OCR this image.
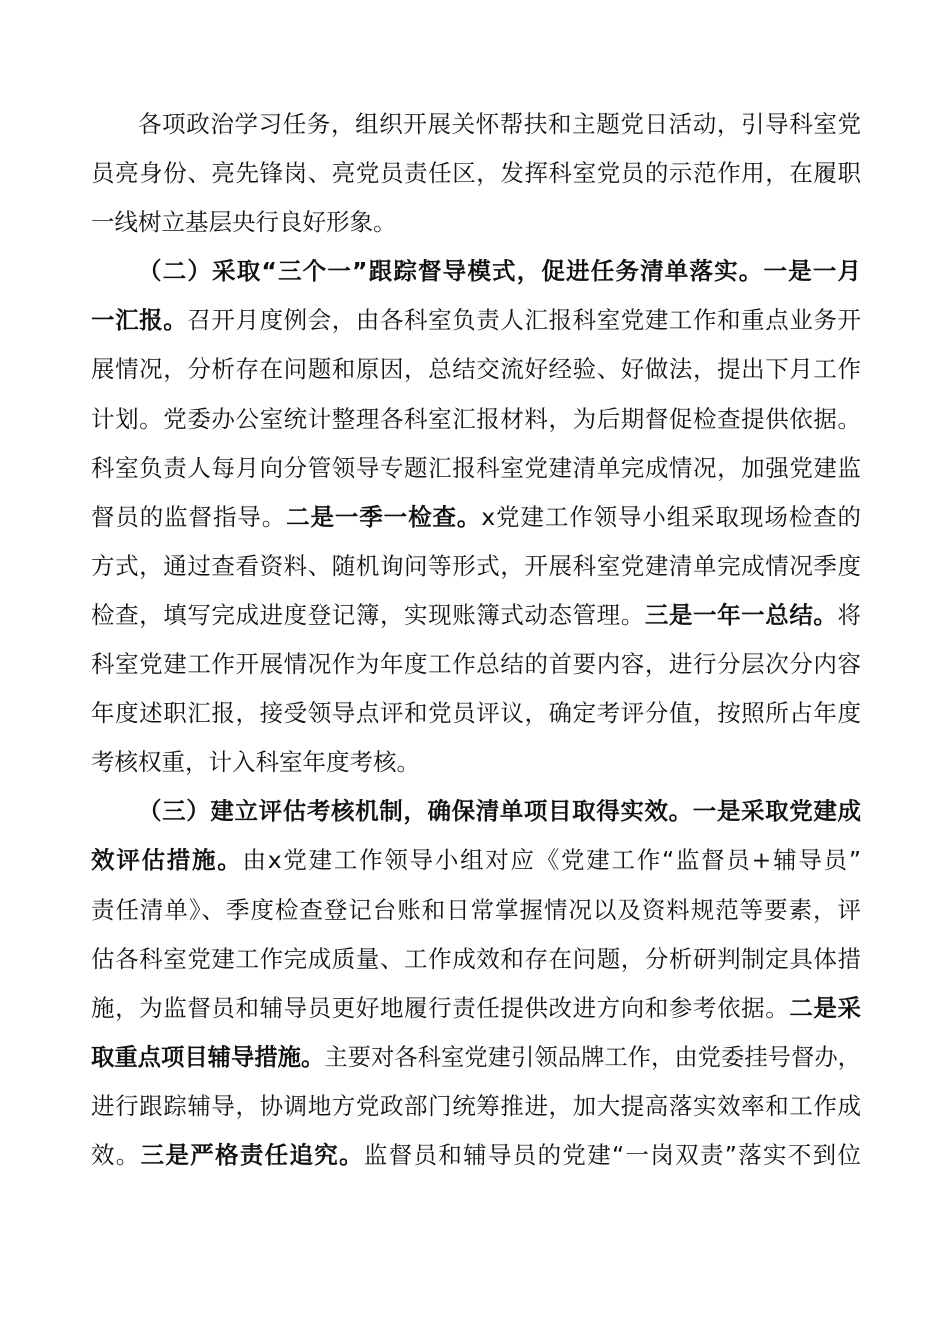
各项政治学习任务，组织开展关怀帮扶和主题党日活动，引导科室党
员亮身份、亮先锋岗、亮党员责任区，发挥科室党员的示范作用，在履职
一线树立基层央行良好形象。
（二）采取“三个一”跟踪督导模式，促进任务清单落实。一是一月
一汇报。召开月度例会，由各科室负责人汇报科室党建工作和重点业务开
展情况，分析存在问题和原因，总结交流好经验、好做法，提出下月工作
计划。党委办公室统计整理各科室汇报材料，为后期督促检查提供依据。
科室负责人每月向分管领导专题汇报科室党建清单完成情况，加强党建监
督员的监督指导。二是一季一检查。x党建工作领导小组采取现场检查的
方式，通过查看资料、随机询问等形式，开展科室党建清单完成情况季度
检查，填写完成进度登记簿，实现账簿式动态管理。三是一年一总结。将
科室党建工作开展情况作为年度工作总结的首要内容，进行分层次分内容
年度述职汇报，接受领导点评和党员评议，确定考评分值，按照所占年度
考核权重，计入科室年度考核。
（三）建立评估考核机制，确保清单项目取得实效。一是采取党建成
效评估措施。由x党建工作领导小组对应《党建工作“监督员+辅导员”
责任清单》、季度检查登记台账和日常掌握情况以及资料规范等要素，评
估各科室党建工作完成质量、工作成效和存在问题，分析研判制定具体措
施，为监督员和辅导员更好地履行责任提供改进方向和参考依据。二是采
取重点项目辅导措施。主要对各科室党建引领品牌工作，由党委挂号督办，
进行跟踪辅导，协调地方党政部门统筹推进，加大提高落实效率和工作成
效。三是严格责任追究。监督员和辅导员的党建“一岗双责”落实不到位
